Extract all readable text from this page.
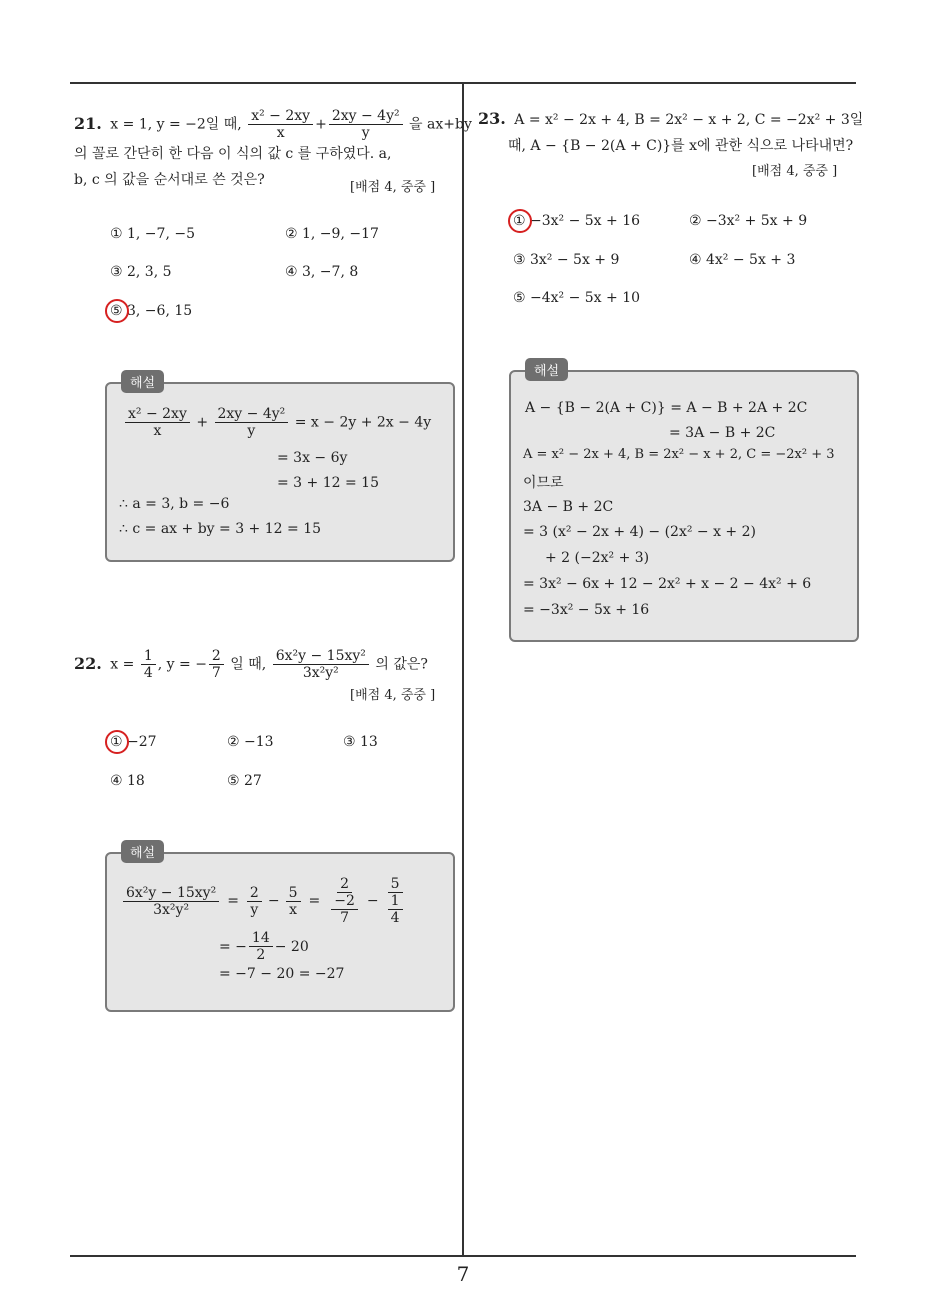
21. x = 1, y = −2일 때, $\frac{\text{x² − 2xy}}{x} + \frac{\text{2xy − 4y²}}{y}$ 을 ax+by
의 꼴로 간단히 한 다음 이 식의 값 c 를 구하였다. a,
b, c 의 값을 순서대로 쓴 것은?	[배점 4, 중중 ]
① 1, −7, −5	② 1, −9, −17
③ 2, 3, 5	④ 3, −7, 8
⑤ 3, −6, 15
해설
$\frac{\text{x² − 2xy}}{x} + \frac{\text{2xy − 4y²}}{y} = x - 2y + 2x - 4y$
= 3x − 6y
= 3 + 12 = 15
∴ a = 3, b = −6
∴ c = ax + by = 3 + 12 = 15
22. $x = \frac{1}{4}$ , y = − $\frac{2}{7}$ 일 때, $\frac{\text{6x²y − 15xy²}}{\text{3x²y²}}$ 의 값은?
[배점 4, 중중 ]
① −27	② −13	③ 13
④ 18	⑤ 27
해설
$\frac{\text{6x²y − 15xy²}}{\text{3x²y²}} = \frac{2}{y} - \frac{5}{x} = 2$
−2
7 − 5
1
4
= − $\frac{14}{2} - 20$
= −7 − 20 = −27
23. A = x² − 2x + 4, B = 2x² − x + 2, C = −2x² + 3일
때, A − {B − 2(A + C)}를 x에 관한 식으로 나타내면?
[배점 4, 중중 ]
① −3x² − 5x + 16	② −3x² + 5x + 9
③ 3x² − 5x + 9	④ 4x² − 5x + 3
⑤ −4x² − 5x + 10
해설
A − {B − 2(A + C)} = A − B + 2A + 2C
= 3A − B + 2C
A = x² − 2x + 4, B = 2x² − x + 2, C = −2x² + 3
이므로
3A − B + 2C
= 3 (x² − 2x + 4) − (2x² − x + 2)
+ 2 (−2x² + 3)
= 3x² − 6x + 12 − 2x² + x − 2 − 4x² + 6
= −3x² − 5x + 16
7
